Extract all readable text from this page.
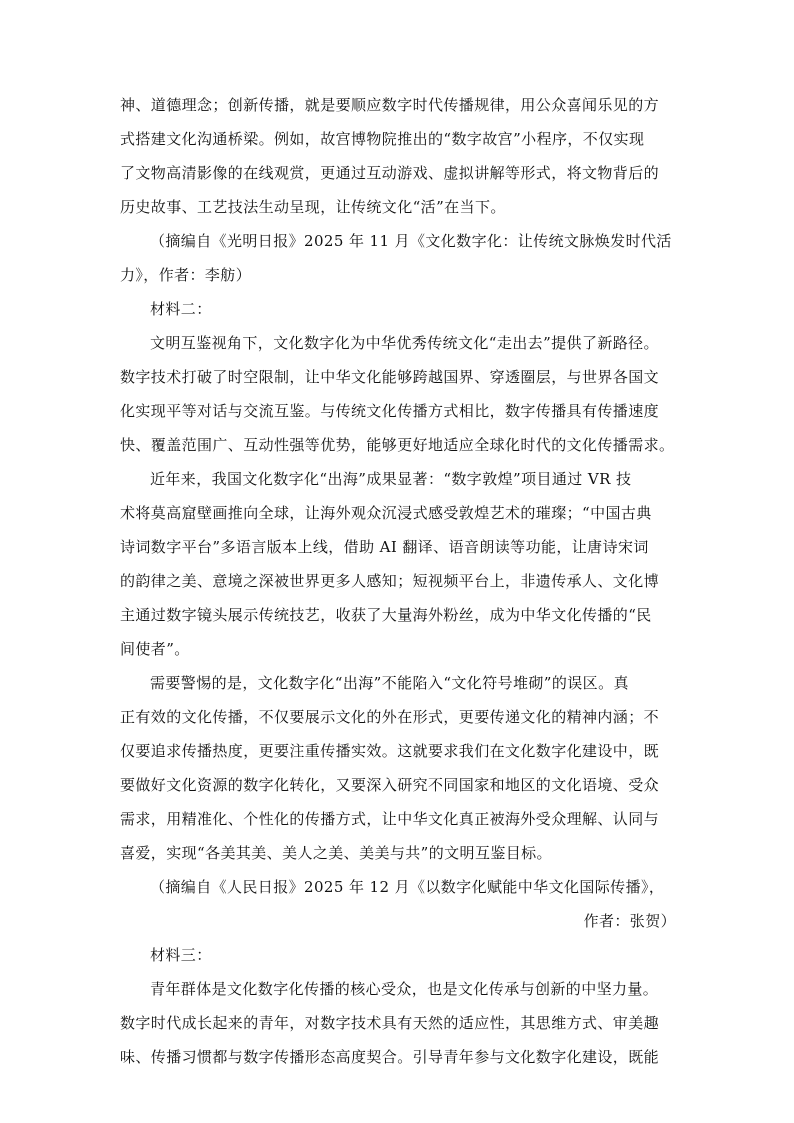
神、道德理念；创新传播，就是要顺应数字时代传播规律，用公众喜闻乐见的方
式搭建文化沟通桥梁。例如，故宫博物院推出的“数字故宫”小程序，不仅实现
了文物高清影像的在线观赏，更通过互动游戏、虚拟讲解等形式，将文物背后的
历史故事、工艺技法生动呈现，让传统文化“活”在当下。
（摘编自《光明日报》2025 年 11 月《文化数字化：让传统文脉焕发时代活
力》，作者：李舫）
材料二：
文明互鉴视角下，文化数字化为中华优秀传统文化“走出去”提供了新路径。
数字技术打破了时空限制，让中华文化能够跨越国界、穿透圈层，与世界各国文
化实现平等对话与交流互鉴。与传统文化传播方式相比，数字传播具有传播速度
快、覆盖范围广、互动性强等优势，能够更好地适应全球化时代的文化传播需求。
近年来，我国文化数字化“出海”成果显著：“数字敦煌”项目通过 VR 技
术将莫高窟壁画推向全球，让海外观众沉浸式感受敦煌艺术的璀璨；“中国古典
诗词数字平台”多语言版本上线，借助 AI 翻译、语音朗读等功能，让唐诗宋词
的韵律之美、意境之深被世界更多人感知；短视频平台上，非遗传承人、文化博
主通过数字镜头展示传统技艺，收获了大量海外粉丝，成为中华文化传播的“民
间使者”。
需要警惕的是，文化数字化“出海”不能陷入“文化符号堆砌”的误区。真
正有效的文化传播，不仅要展示文化的外在形式，更要传递文化的精神内涵；不
仅要追求传播热度，更要注重传播实效。这就要求我们在文化数字化建设中，既
要做好文化资源的数字化转化，又要深入研究不同国家和地区的文化语境、受众
需求，用精准化、个性化的传播方式，让中华文化真正被海外受众理解、认同与
喜爱，实现“各美其美、美人之美、美美与共”的文明互鉴目标。
（摘编自《人民日报》2025 年 12 月《以数字化赋能中华文化国际传播》，
作者：张贺）
材料三：
青年群体是文化数字化传播的核心受众，也是文化传承与创新的中坚力量。
数字时代成长起来的青年，对数字技术具有天然的适应性，其思维方式、审美趣
味、传播习惯都与数字传播形态高度契合。引导青年参与文化数字化建设，既能
